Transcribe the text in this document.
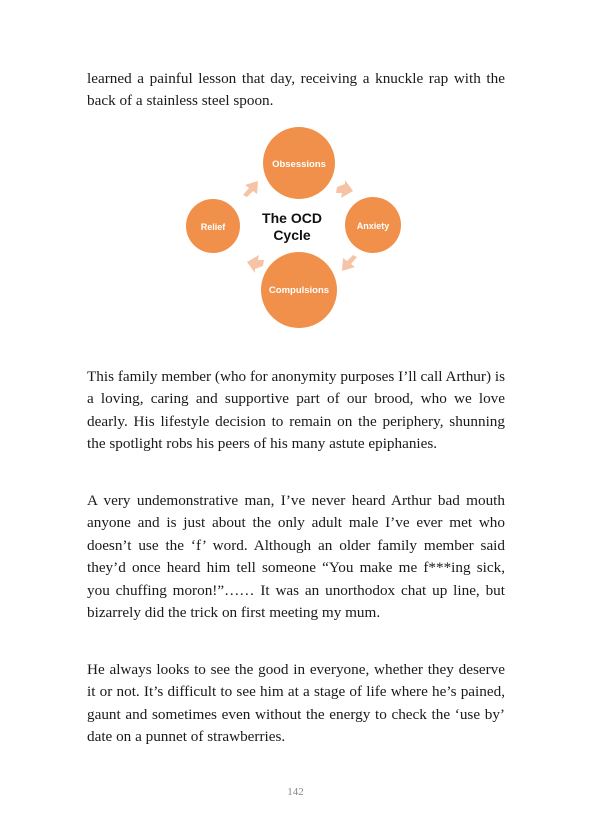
learned a painful lesson that day, receiving a knuckle rap with the back of a stainless steel spoon.

Obsessions
Anxiety
Compulsions
Relief
The OCD
Cycle

This family member (who for anonymity purposes I’ll call Arthur) is a loving, caring and supportive part of our brood, who we love dearly. His lifestyle decision to remain on the periphery, shunning the spotlight robs his peers of his many astute epiphanies.

A very undemonstrative man, I’ve never heard Arthur bad mouth anyone and is just about the only adult male I’ve ever met who doesn’t use the ‘f’ word. Although an older family member said they’d once heard him tell someone “You make me f***ing sick, you chuffing moron!”…… It was an unorthodox chat up line, but bizarrely did the trick on first meeting my mum.

He always looks to see the good in everyone, whether they deserve it or not. It’s difficult to see him at a stage of life where he’s pained, gaunt and sometimes even without the energy to check the ‘use by’ date on a punnet of strawberries.

142
